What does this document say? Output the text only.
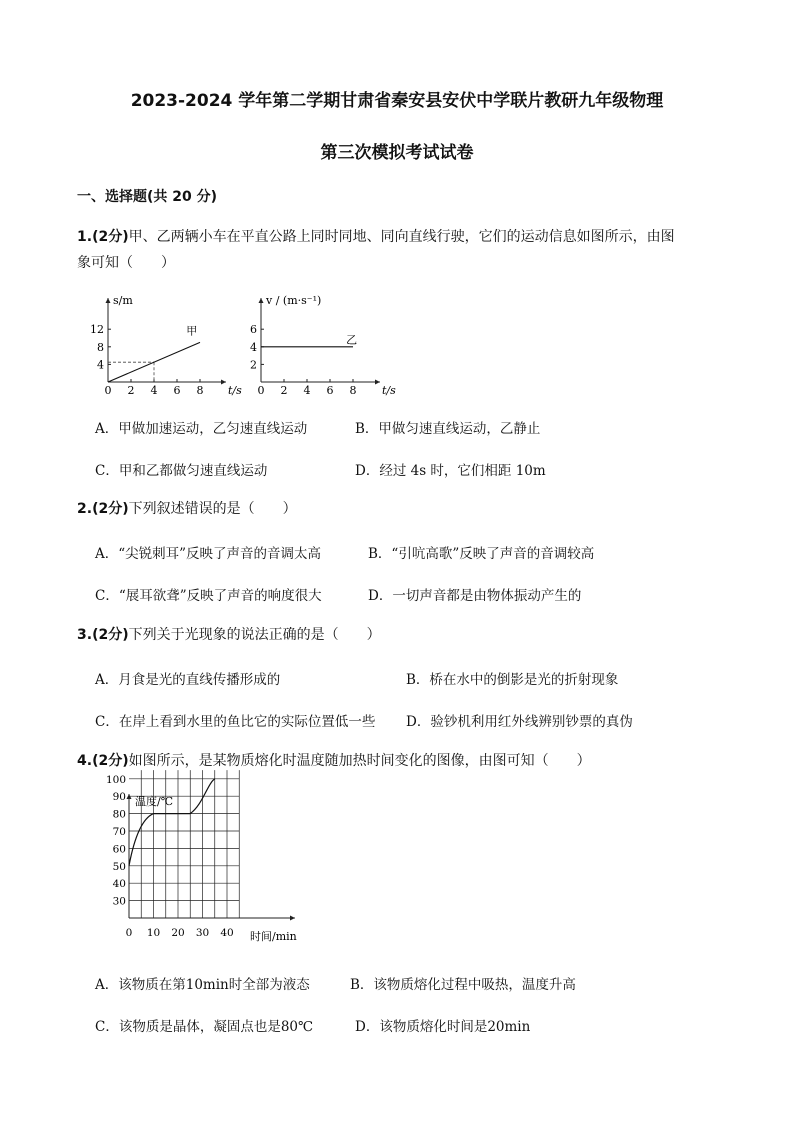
2023-2024 学年第二学期甘肃省秦安县安伏中学联片教研九年级物理
第三次模拟考试试卷
一、选择题(共 20 分)
1.(2分)甲、乙两辆小车在平直公路上同时同地、同向直线行驶，它们的运动信息如图所示，由图
象可知（　　）
0 2 4 6 8
4
8
12
t/s
s/m
甲
0 2 4 6 8
2
4
6
t/s
v / (m·s⁻¹)
乙
A．甲做加速运动，乙匀速直线运动	B．甲做匀速直线运动，乙静止
C．甲和乙都做匀速直线运动	D．经过 4s 时，它们相距 10m
2.(2分)下列叙述错误的是（　　）
A．“尖锐刺耳”反映了声音的音调太高	B．“引吭高歌”反映了声音的音调较高
C．“展耳欲聋”反映了声音的响度很大	D．一切声音都是由物体振动产生的
3.(2分)下列关于光现象的说法正确的是（　　）
A．月食是光的直线传播形成的	B．桥在水中的倒影是光的折射现象
C．在岸上看到水里的鱼比它的实际位置低一些 D．验钞机利用红外线辨别钞票的真伪
4.(2分)如图所示，是某物质熔化时温度随加热时间变化的图像，由图可知（　　）
30
40
50
60
70
80
90
100
0 10 20 30 40
温度/℃
时间/min
A．该物质在第10min时全部为液态	B．该物质熔化过程中吸热，温度升高
C．该物质是晶体，凝固点也是80℃	D．该物质熔化时间是20min
